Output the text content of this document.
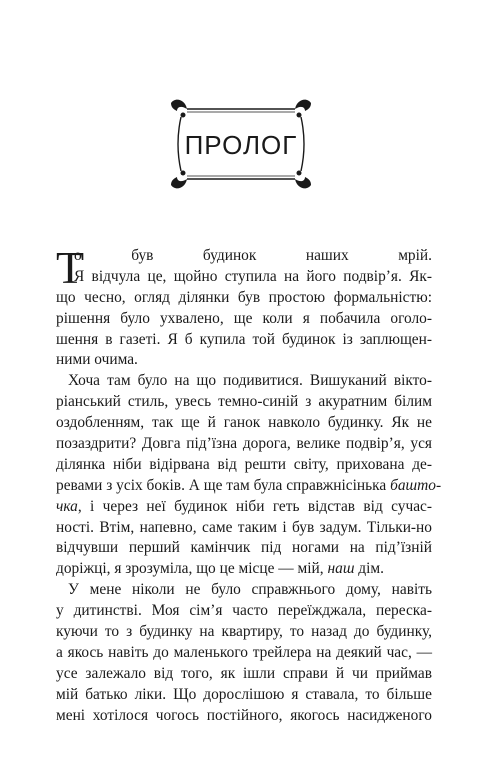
ПРОЛОГ
Т
о був будинок наших мрій.
Я відчула це, щойно ступила на його подвір’я. Як-
що чесно, огляд ділянки був простою формальністю:
рішення було ухвалено, ще коли я побачила оголо-
шення в газеті. Я б купила той будинок із заплющен-
ними очима.
Хоча там було на що подивитися. Вишуканий вікто-
ріанський стиль, увесь темно-синій з акуратним білим
оздобленням, так ще й ганок навколо будинку. Як не
позаздрити? Довга під’їзна дорога, велике подвір’я, уся
ділянка ніби відірвана від решти світу, прихована де-
ревами з усіх боків. А ще там була справжнісінька башто-
чка, і через неї будинок ніби геть відстав від сучас-
ності. Втім, напевно, саме таким і був задум. Тільки-но
відчувши перший камінчик під ногами на під’їзній
доріжці, я зрозуміла, що це місце — мій, наш дім.
У мене ніколи не було справжнього дому, навіть
у дитинстві. Моя сім’я часто переїжджала, переска-
куючи то з будинку на квартиру, то назад до будинку,
а якось навіть до маленького трейлера на деякий час, —
усе залежало від того, як ішли справи й чи приймав
мій батько ліки. Що дорослішою я ставала, то більше
мені хотілося чогось постійного, якогось насидженого
